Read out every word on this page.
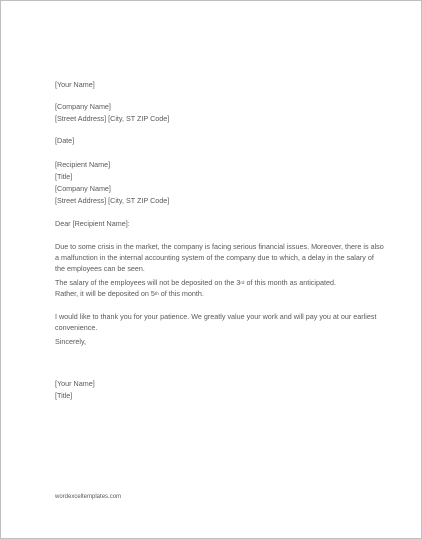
[Your Name]

[Company Name]

[Street Address] [City, ST ZIP Code]

[Date]

[Recipient Name]

[Title]

[Company Name]

[Street Address] [City, ST ZIP Code]

Dear [Recipient Name]:

Due to some crisis in the market, the company is facing serious financial issues. Moreover, there is also a malfunction in the internal accounting system of the company due to which, a delay in the salary of the employees can be seen.

The salary of the employees will not be deposited on the 3rd of this month as anticipated.
Rather, it will be deposited on 5th of this month.

I would like to thank you for your patience. We greatly value your work and will pay you at our earliest convenience.

Sincerely,

[Your Name]

[Title]

wordexceltemplates.com
